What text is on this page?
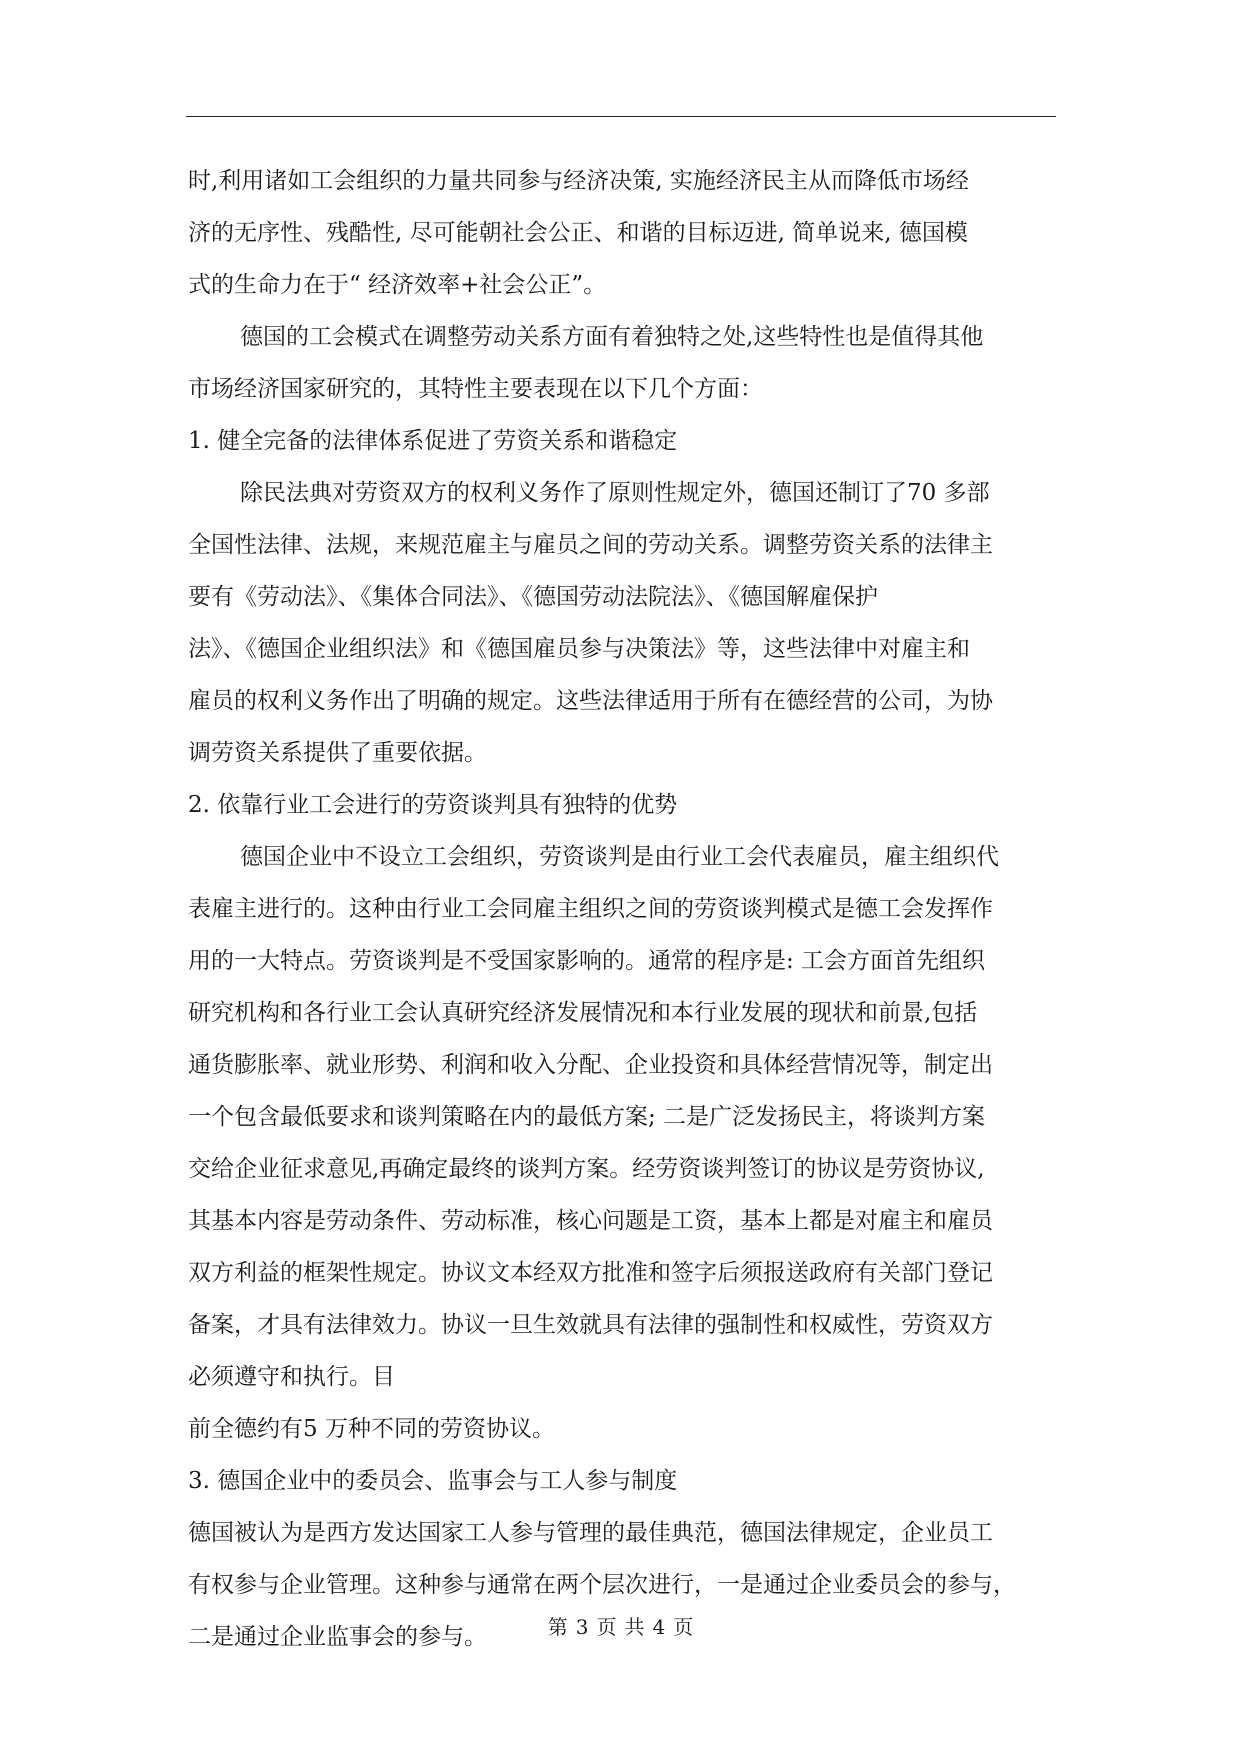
时,利用诸如工会组织的力量共同参与经济决策, 实施经济民主从而降低市场经
济的无序性、残酷性, 尽可能朝社会公正、和谐的目标迈进, 简单说来, 德国模
式的生命力在于“ 经济效率+社会公正”。
德国的工会模式在调整劳动关系方面有着独特之处,这些特性也是值得其他
市场经济国家研究的，其特性主要表现在以下几个方面：
1. 健全完备的法律体系促进了劳资关系和谐稳定
除民法典对劳资双方的权利义务作了原则性规定外，德国还制订了70 多部
全国性法律、法规，来规范雇主与雇员之间的劳动关系。调整劳资关系的法律主
要有《劳动法》、《集体合同法》、《德国劳动法院法》、《德国解雇保护
法》、《德国企业组织法》和《德国雇员参与决策法》等，这些法律中对雇主和
雇员的权利义务作出了明确的规定。这些法律适用于所有在德经营的公司，为协
调劳资关系提供了重要依据。
2. 依靠行业工会进行的劳资谈判具有独特的优势
德国企业中不设立工会组织，劳资谈判是由行业工会代表雇员，雇主组织代
表雇主进行的。这种由行业工会同雇主组织之间的劳资谈判模式是德工会发挥作
用的一大特点。劳资谈判是不受国家影响的。通常的程序是: 工会方面首先组织
研究机构和各行业工会认真研究经济发展情况和本行业发展的现状和前景,包括
通货膨胀率、就业形势、利润和收入分配、企业投资和具体经营情况等，制定出
一个包含最低要求和谈判策略在内的最低方案; 二是广泛发扬民主，将谈判方案
交给企业征求意见,再确定最终的谈判方案。经劳资谈判签订的协议是劳资协议,
其基本内容是劳动条件、劳动标准，核心问题是工资，基本上都是对雇主和雇员
双方利益的框架性规定。协议文本经双方批准和签字后须报送政府有关部门登记
备案，才具有法律效力。协议一旦生效就具有法律的强制性和权威性，劳资双方
必须遵守和执行。目
前全德约有5 万种不同的劳资协议。
3. 德国企业中的委员会、监事会与工人参与制度
德国被认为是西方发达国家工人参与管理的最佳典范，德国法律规定，企业员工
有权参与企业管理。这种参与通常在两个层次进行，一是通过企业委员会的参与，
二是通过企业监事会的参与。	第 3 页 共 4 页
